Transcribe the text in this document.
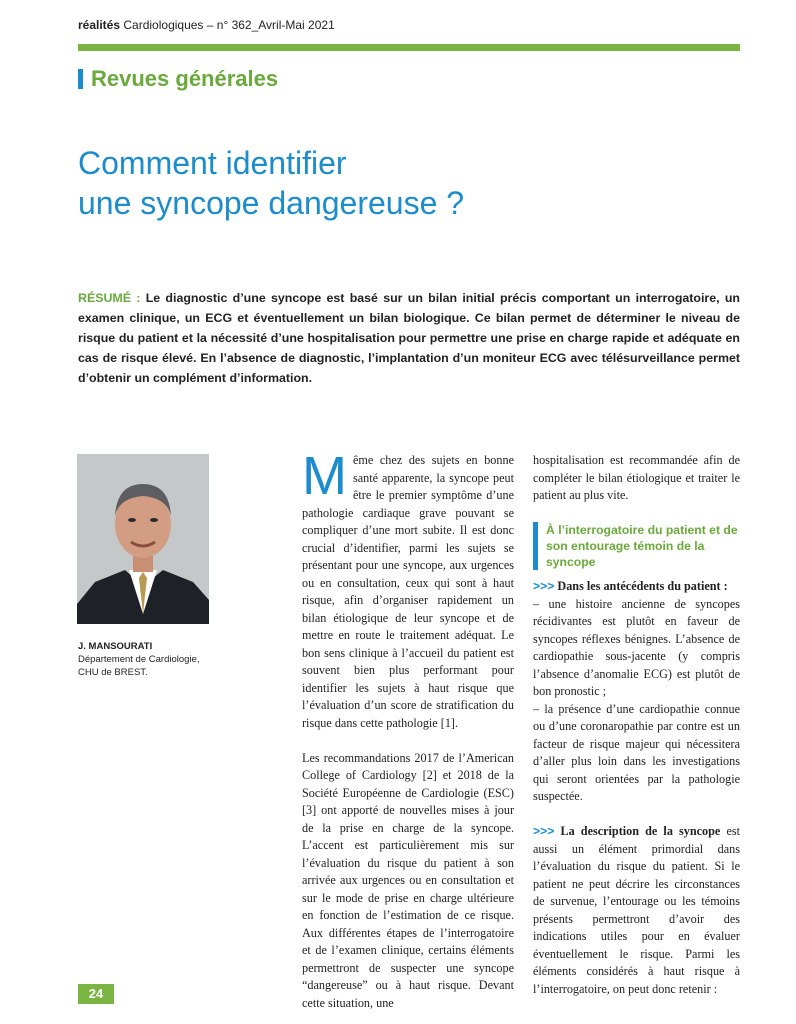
réalités Cardiologiques – n° 362_Avril-Mai 2021
Revues générales
Comment identifier
une syncope dangereuse ?
RÉSUMÉ : Le diagnostic d’une syncope est basé sur un bilan initial précis comportant un interrogatoire, un examen clinique, un ECG et éventuellement un bilan biologique. Ce bilan permet de déterminer le niveau de risque du patient et la nécessité d’une hospitalisation pour permettre une prise en charge rapide et adéquate en cas de risque élevé. En l’absence de diagnostic, l’implantation d’un moniteur ECG avec télésurveillance permet d’obtenir un complément d’information.
J. MANSOURATI
Département de Cardiologie,
CHU de BREST.

Même chez des sujets en bonne santé apparente, la syncope peut être le premier symptôme d’une pathologie cardiaque grave pouvant se compliquer d’une mort subite. Il est donc crucial d’identifier, parmi les sujets se présentant pour une syncope, aux urgences ou en consultation, ceux qui sont à haut risque, afin d’organiser rapidement un bilan étiologique de leur syncope et de mettre en route le traitement adéquat. Le bon sens clinique à l’accueil du patient est souvent bien plus performant pour identifier les sujets à haut risque que l’évaluation d’un score de stratification du risque dans cette pathologie [1].

Les recommandations 2017 de l’American College of Cardiology [2] et 2018 de la Société Européenne de Cardiologie (ESC) [3] ont apporté de nouvelles mises à jour de la prise en charge de la syncope. L’accent est particulièrement mis sur l’évaluation du risque du patient à son arrivée aux urgences ou en consultation et sur le mode de prise en charge ultérieure en fonction de l’estimation de ce risque. Aux différentes étapes de l’interrogatoire et de l’examen clinique, certains éléments permettront de suspecter une syncope “dangereuse” ou à haut risque. Devant cette situation, une

hospitalisation est recommandée afin de compléter le bilan étiologique et traiter le patient au plus vite.

À l’interrogatoire du patient et de son entourage témoin de la syncope

>>> Dans les antécédents du patient :

– une histoire ancienne de syncopes récidivantes est plutôt en faveur de syncopes réflexes bénignes. L’absence de cardiopathie sous-jacente (y compris l’absence d’anomalie ECG) est plutôt de bon pronostic ;

– la présence d’une cardiopathie connue ou d’une coronaropathie par contre est un facteur de risque majeur qui nécessitera d’aller plus loin dans les investigations qui seront orientées par la pathologie suspectée.

>>> La description de la syncope est aussi un élément primordial dans l’évaluation du risque du patient. Si le patient ne peut décrire les circonstances de survenue, l’entourage ou les témoins présents permettront d’avoir des indications utiles pour en évaluer éventuellement le risque. Parmi les éléments considérés à haut risque à l’interrogatoire, on peut donc retenir :

24
